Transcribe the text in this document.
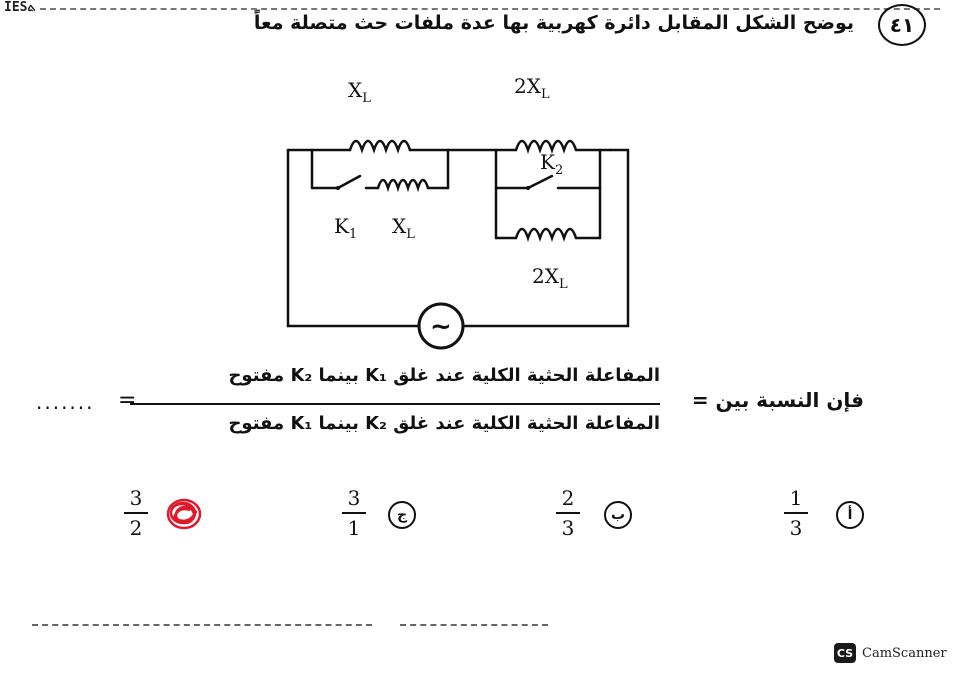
ÏESܬ
٤١
يوضح الشكل المقابل دائرة كهربية بها عدة ملفات حث متصلة معاً
$X_L$
$2X_L$
$K_1$ $X_L$
$K_2$
$2X_L$
~
....... =
المفاعلة الحثية الكلية عند غلق K₁ بينما K₂ مفتوح
المفاعلة الحثية الكلية عند غلق K₂ بينما K₁ مفتوح
فإن النسبة بين =
1
3
أ
2
3
ب
3
1
ج
3
2
CS CamScanner
